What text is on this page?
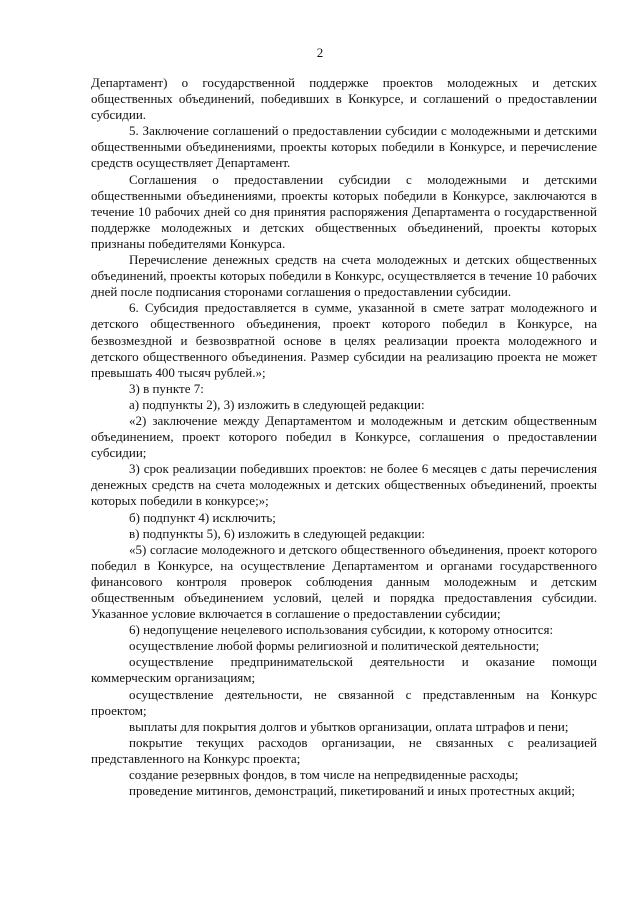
2

Департамент) о государственной поддержке проектов молодежных и детских общественных объединений, победивших в Конкурсе, и соглашений о предоставлении субсидии.

5. Заключение соглашений о предоставлении субсидии с молодежными и детскими общественными объединениями, проекты которых победили в Конкурсе, и перечисление средств осуществляет Департамент.

Соглашения о предоставлении субсидии с молодежными и детскими общественными объединениями, проекты которых победили в Конкурсе, заключаются в течение 10 рабочих дней со дня принятия распоряжения Департамента о государственной поддержке молодежных и детских общественных объединений, проекты которых признаны победителями Конкурса.

Перечисление денежных средств на счета молодежных и детских общественных объединений, проекты которых победили в Конкурс, осуществляется в течение 10 рабочих дней после подписания сторонами соглашения о предоставлении субсидии.

6. Субсидия предоставляется в сумме, указанной в смете затрат молодежного и детского общественного объединения, проект которого победил в Конкурсе, на безвозмездной и безвозвратной основе в целях реализации проекта молодежного и детского общественного объединения. Размер субсидии на реализацию проекта не может превышать 400 тысяч рублей.»;

3) в пункте 7:

а) подпункты 2), 3) изложить в следующей редакции:

«2) заключение между Департаментом и молодежным и детским общественным объединением, проект которого победил в Конкурсе, соглашения о предоставлении субсидии;

3) срок реализации победивших проектов: не более 6 месяцев с даты перечисления денежных средств на счета молодежных и детских общественных объединений, проекты которых победили в конкурсе;»;

б) подпункт 4) исключить;

в) подпункты 5), 6) изложить в следующей редакции:

«5) согласие молодежного и детского общественного объединения, проект которого победил в Конкурсе, на осуществление Департаментом и органами государственного финансового контроля проверок соблюдения данным молодежным и детским общественным объединением условий, целей и порядка предоставления субсидии. Указанное условие включается в соглашение о предоставлении субсидии;

6) недопущение нецелевого использования субсидии, к которому относится:

осуществление любой формы религиозной и политической деятельности;

осуществление предпринимательской деятельности и оказание помощи коммерческим организациям;

осуществление деятельности, не связанной с представленным на Конкурс проектом;

выплаты для покрытия долгов и убытков организации, оплата штрафов и пени;

покрытие текущих расходов организации, не связанных с реализацией представленного на Конкурс проекта;

создание резервных фондов, в том числе на непредвиденные расходы;

проведение митингов, демонстраций, пикетирований и иных протестных акций;
